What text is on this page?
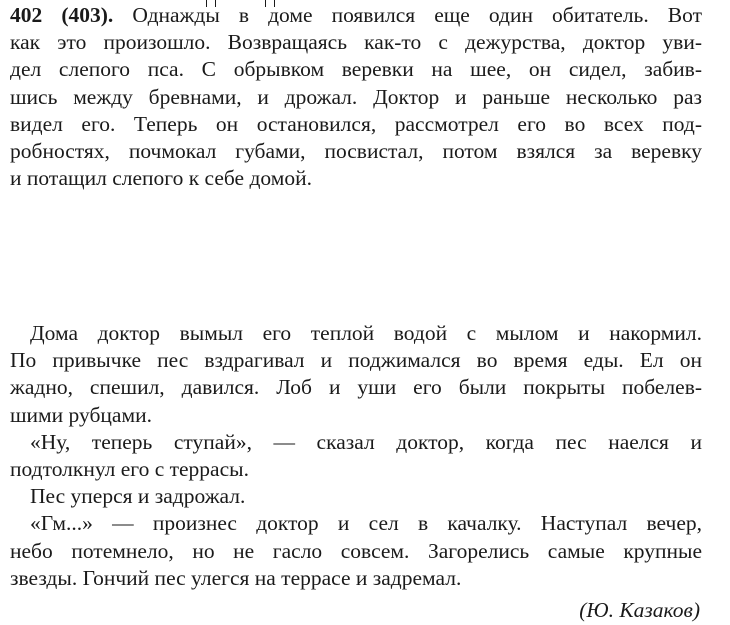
402 (403). Однажды в доме появился еще один обитатель. Вот
как это произошло. Возвращаясь как-то с дежурства, доктор уви-
дел слепого пса. С обрывком веревки на шее, он сидел, забив-
шись между бревнами, и дрожал. Доктор и раньше несколько раз
видел его. Теперь он остановился, рассмотрел его во всех под-
робностях, почмокал губами, посвистал, потом взялся за веревку
и потащил слепого к себе домой.
Дома доктор вымыл его теплой водой с мылом и накормил.
По привычке пес вздрагивал и поджимался во время еды. Ел он
жадно, спешил, давился. Лоб и уши его были покрыты побелев-
шими рубцами.
«Ну, теперь ступай», — сказал доктор, когда пес наелся и
подтолкнул его с террасы.
Пес уперся и задрожал.
«Гм...» — произнес доктор и сел в качалку. Наступал вечер,
небо потемнело, но не гасло совсем. Загорелись самые крупные
звезды. Гончий пес улегся на террасе и задремал.
(Ю. Казаков)
